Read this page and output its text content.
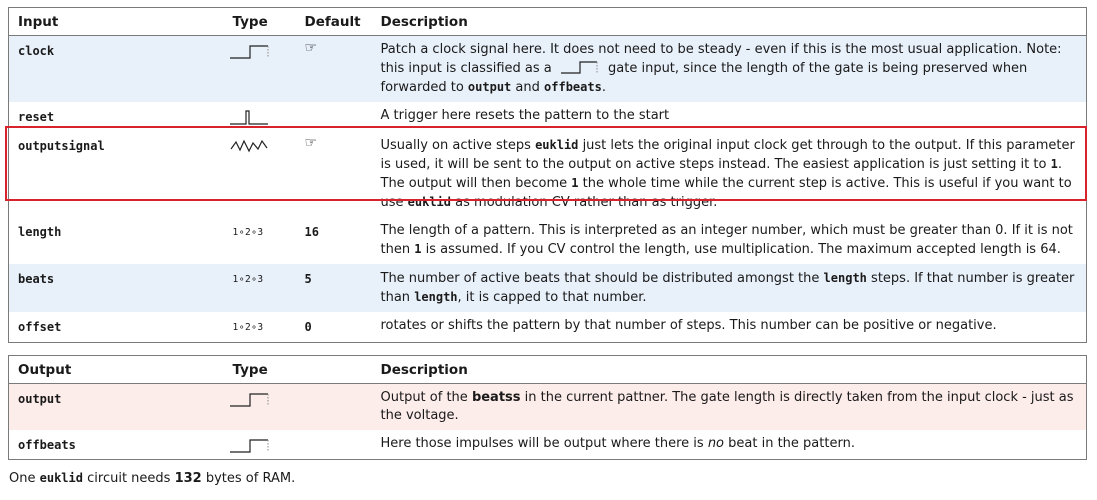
Input	Type	Default	Description
clock		☞	Patch a clock signal here. It does not need to be steady - even if this is the most usual application. Note: this input is classified as a gate input, since the length of the gate is being preserved when forwarded to output and offbeats.
reset			A trigger here resets the pattern to the start
outputsignal		☞	Usually on active steps euklid just lets the original input clock get through to the output. If this parameter is used, it will be sent to the output on active steps instead. The easiest application is just setting it to 1. The output will then become 1 the whole time while the current step is active. This is useful if you want to use euklid as modulation CV rather than as trigger.
length	1∘2∘3	16	The length of a pattern. This is interpreted as an integer number, which must be greater than 0. If it is not then 1 is assumed. If you CV control the length, use multiplication. The maximum accepted length is 64.
beats	1∘2∘3	5	The number of active beats that should be distributed amongst the length steps. If that number is greater than length, it is capped to that number.
offset	1∘2∘3	0	rotates or shifts the pattern by that number of steps. This number can be positive or negative.
Output	Type		Description
output			Output of the beatss in the current pattner. The gate length is directly taken from the input clock - just as the voltage.
offbeats			Here those impulses will be output where there is no beat in the pattern.
One euklid circuit needs 132 bytes of RAM.
